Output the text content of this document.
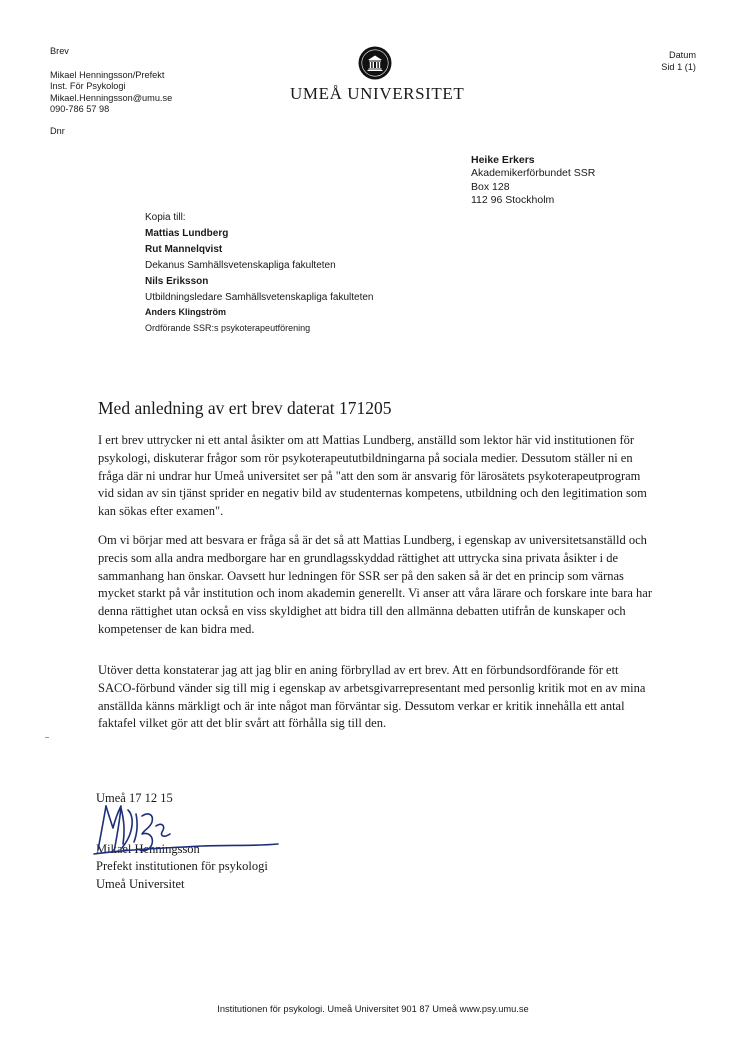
Brev
Mikael Henningsson/Prefekt
Inst. För Psykologi
Mikael.Henningsson@umu.se
090-786 57 98
Dnr
UMEÅ UNIVERSITET
Datum
Sid 1 (1)
Heike Erkers
Akademikerförbundet SSR
Box 128
112 96 Stockholm
Kopia till:
Mattias Lundberg
Rut Mannelqvist
Dekanus Samhällsvetenskapliga fakulteten
Nils Eriksson
Utbildningsledare Samhällsvetenskapliga fakulteten
Anders Klingström
Ordförande SSR:s psykoterapeutförening
Med anledning av ert brev daterat 171205
I ert brev uttrycker ni ett antal åsikter om att Mattias Lundberg, anställd som lektor här vid institutionen för psykologi, diskuterar frågor som rör psykoterapeututbildningarna på sociala medier. Dessutom ställer ni en fråga där ni undrar hur Umeå universitet ser på "att den som är ansvarig för lärosätets psykoterapeutprogram vid sidan av sin tjänst sprider en negativ bild av studenternas kompetens, utbildning och den legitimation som kan sökas efter examen".
Om vi börjar med att besvara er fråga så är det så att Mattias Lundberg, i egenskap av universitetsanställd och precis som alla andra medborgare har en grundlagsskyddad rättighet att uttrycka sina privata åsikter i de sammanhang han önskar. Oavsett hur ledningen för SSR ser på den saken så är det en princip som värnas mycket starkt på vår institution och inom akademin generellt. Vi anser att våra lärare och forskare inte bara har denna rättighet utan också en viss skyldighet att bidra till den allmänna debatten utifrån de kunskaper och kompetenser de kan bidra med.
Utöver detta konstaterar jag att jag blir en aning förbryllad av ert brev. Att en förbundsordförande för ett SACO-förbund vänder sig till mig i egenskap av arbetsgivarrepresentant med personlig kritik mot en av mina anställda känns märkligt och är inte något man förväntar sig. Dessutom verkar er kritik innehålla ett antal faktafel vilket gör att det blir svårt att förhålla sig till den.
Umeå 17 12 15
Mikael Henningsson
Prefekt institutionen för psykologi
Umeå Universitet
Institutionen för psykologi. Umeå Universitet 901 87 Umeå www.psy.umu.se
